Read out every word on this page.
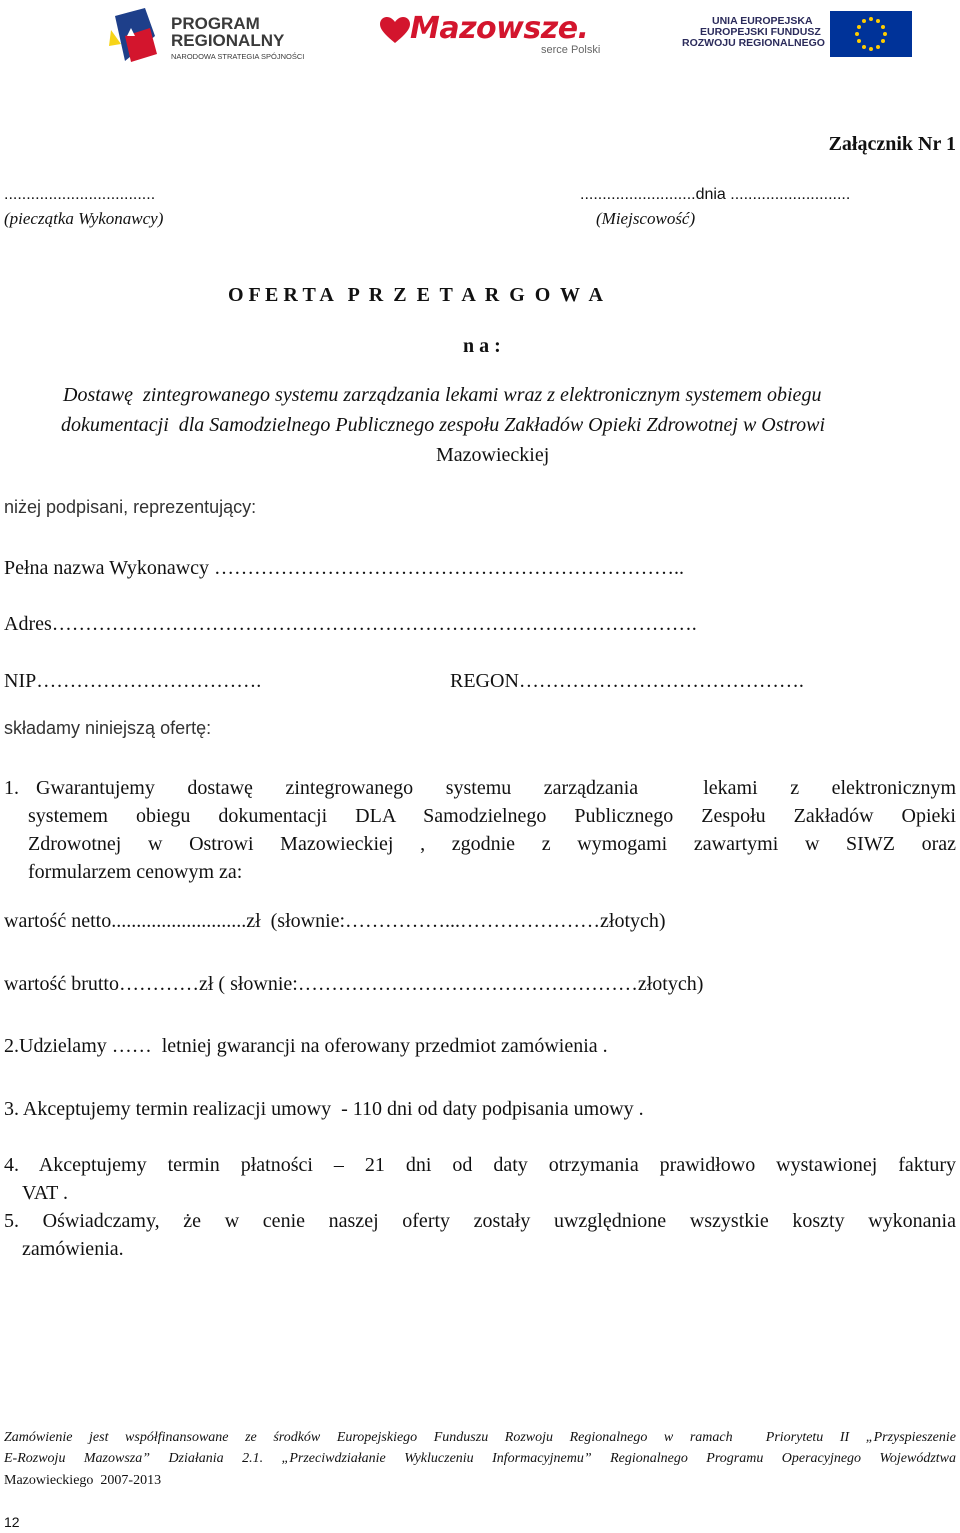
PROGRAM
REGIONALNY
NARODOWA STRATEGIA SPÓJNOŚCI
Mazowsze.
serce Polski
UNIA EUROPEJSKA
EUROPEJSKI FUNDUSZ
ROZWOJU REGIONALNEGO
Załącznik Nr 1
..................................
(pieczątka Wykonawcy)
..........................dnia ...........................
(Miejscowość)
O F E R T A   P  R  Z  E  T  A  R  G  O  W  A
n a :
Dostawę  zintegrowanego systemu zarządzania lekami wraz z elektronicznym systemem obiegu
dokumentacji  dla Samodzielnego Publicznego zespołu Zakładów Opieki Zdrowotnej w Ostrowi
Mazowieckiej
niżej podpisani, reprezentujący:
Pełna nazwa Wykonawcy ……………………………………………………………..
Adres…………………………………………………………………………………….
NIP…………………………….	REGON…………………………………….
składamy niniejszą ofertę:
1. Gwarantujemy dostawę zintegrowanego systemu zarządzania  lekami z elektronicznym
systemem obiegu dokumentacji DLA Samodzielnego Publicznego Zespołu Zakładów Opieki
Zdrowotnej w Ostrowi Mazowieckiej , zgodnie z wymogami zawartymi w SIWZ oraz
formularzem cenowym za:
wartość netto...........................zł  (słownie:……………...…………………złotych)
wartość brutto…………zł ( słownie:……………………………………………złotych)
2.Udzielamy ……  letniej gwarancji na oferowany przedmiot zamówienia .
3. Akceptujemy termin realizacji umowy  - 110 dni od daty podpisania umowy .
4. Akceptujemy termin płatności – 21 dni od daty otrzymania prawidłowo wystawionej faktury
VAT .
5. Oświadczamy, że w cenie naszej oferty zostały uwzględnione wszystkie koszty wykonania
zamówienia.
Zamówienie jest współfinansowane ze środków Europejskiego Funduszu Rozwoju Regionalnego w ramach  Priorytetu II „Przyspieszenie
E-Rozwoju Mazowsza” Działania 2.1. „Przeciwdziałanie Wykluczeniu Informacyjnemu” Regionalnego Programu Operacyjnego Województwa
Mazowieckiego  2007-2013
12
